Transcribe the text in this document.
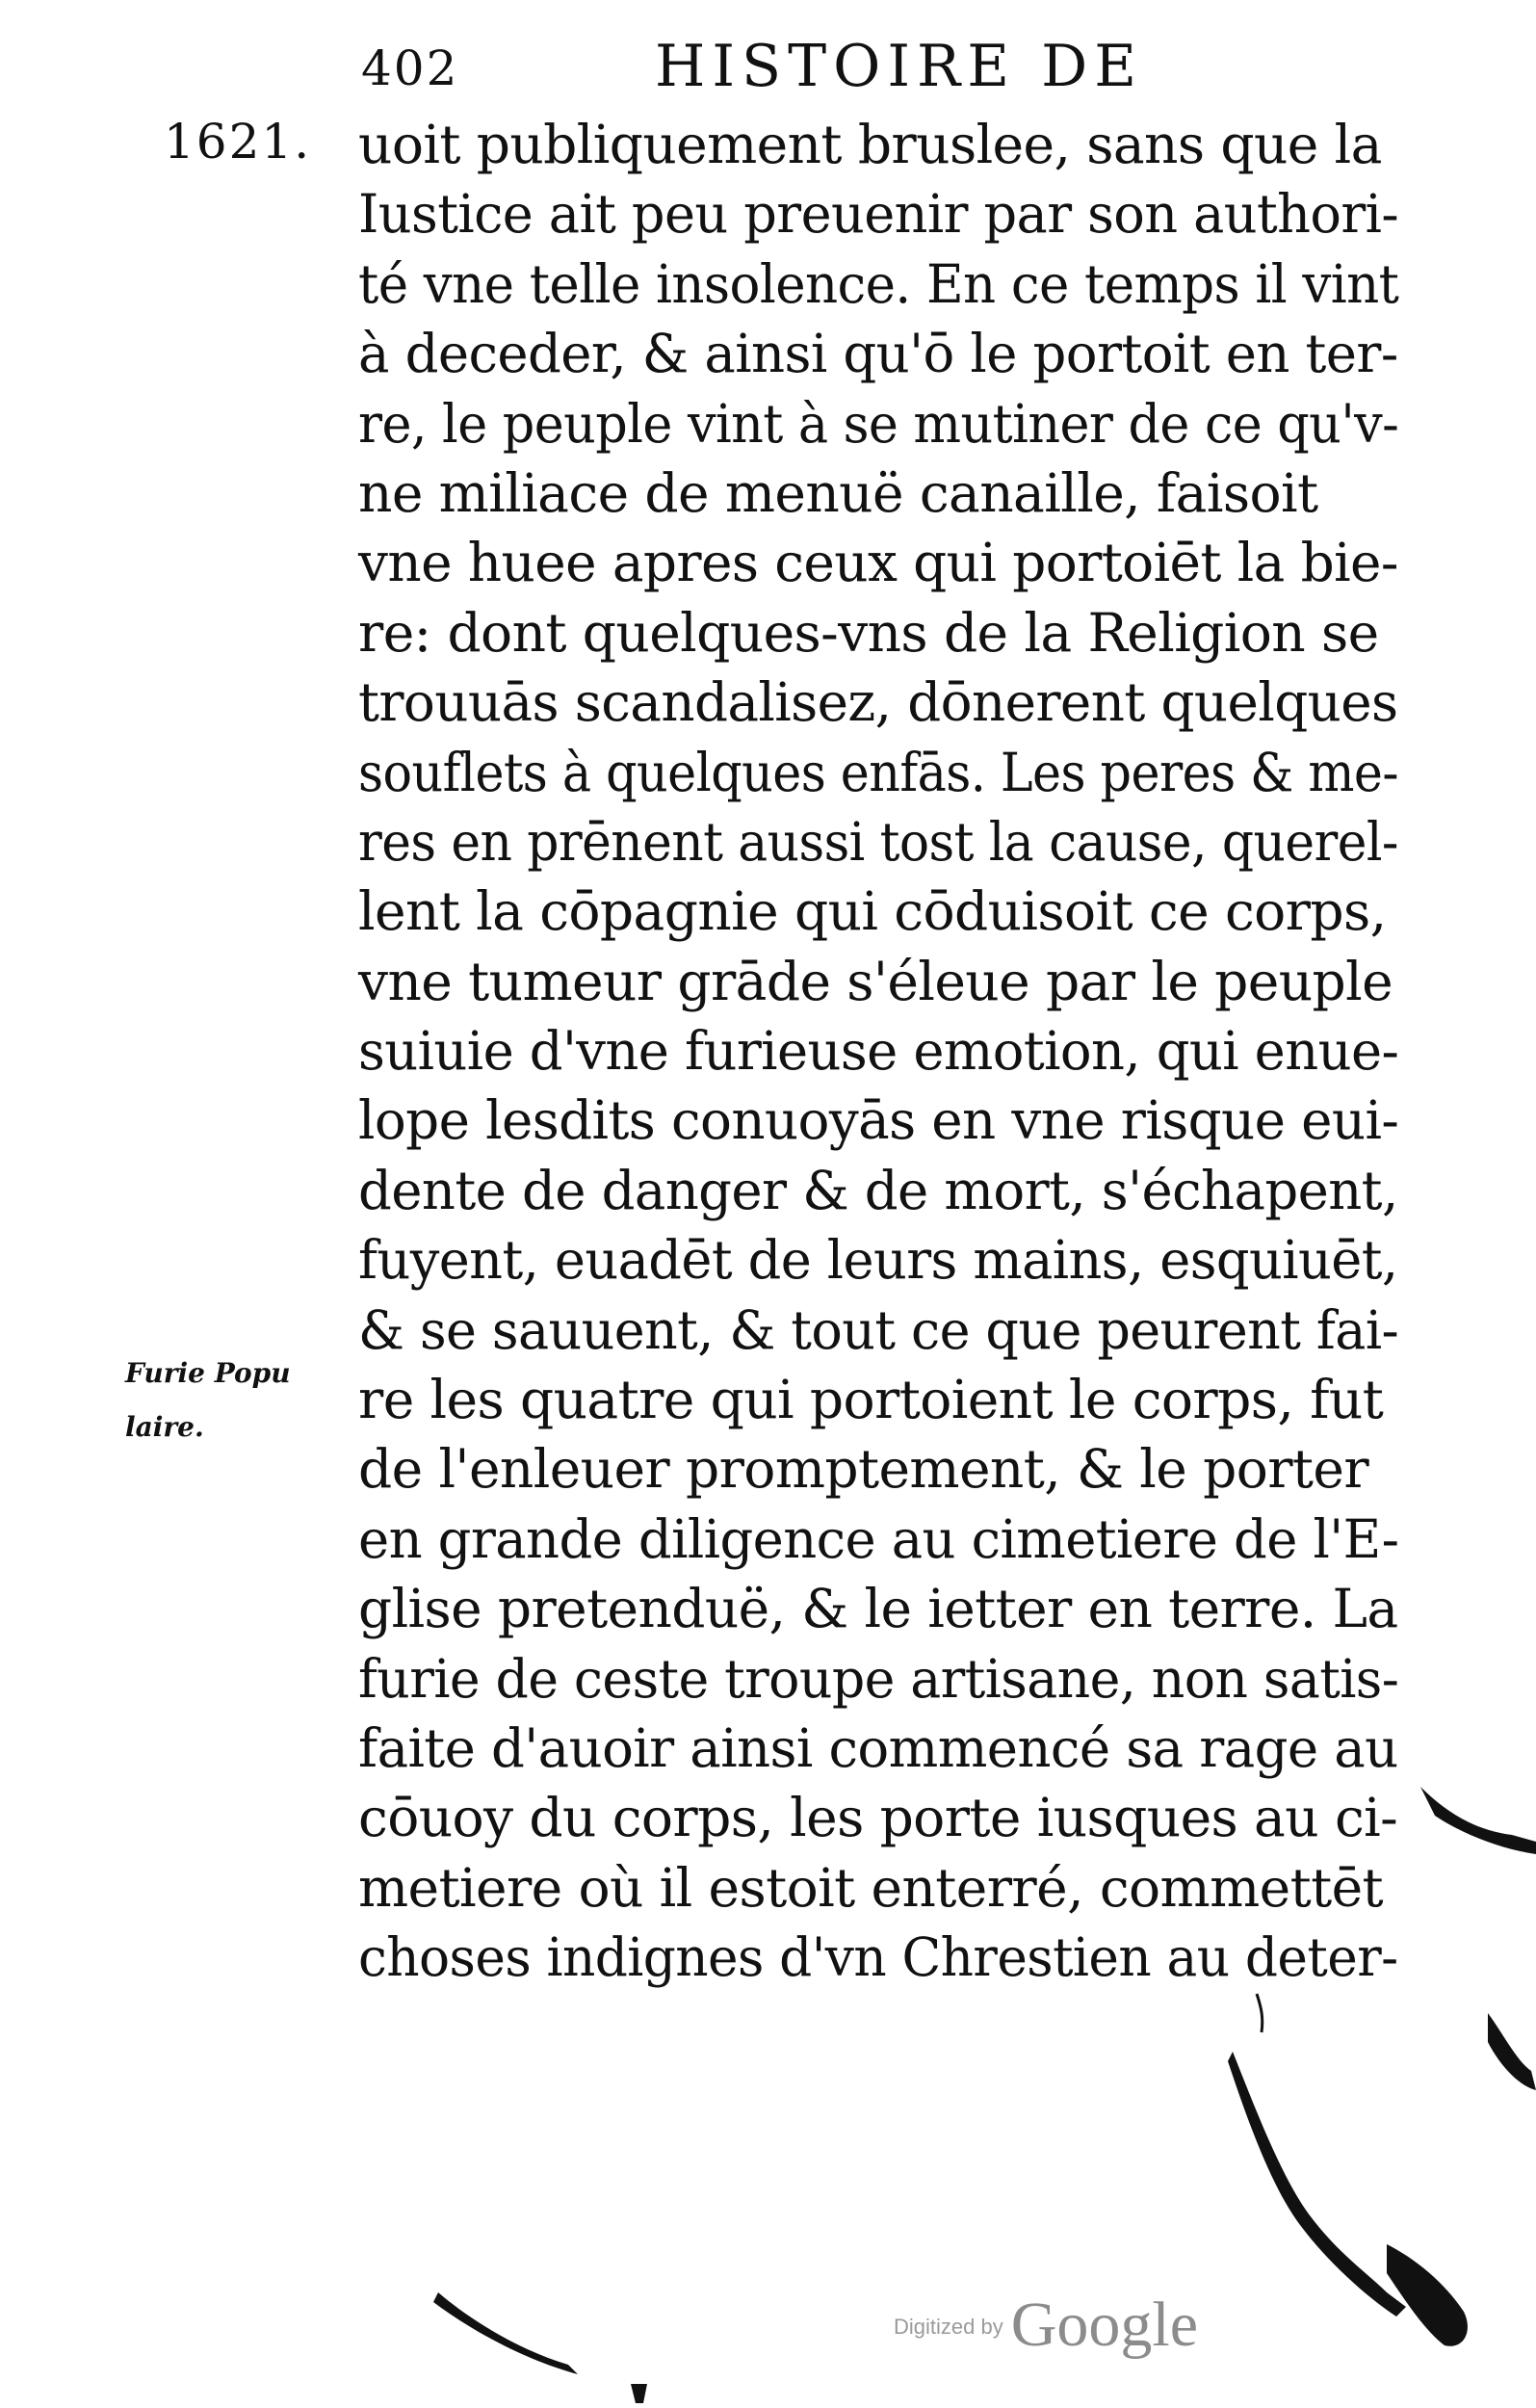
402	HISTOIRE DE
1621. uoit publiquement bruslee, sans que la
Iustice ait peu preuenir par son authori-
té vne telle insolence. En ce temps il vint
à deceder, & ainsi qu'ō le portoit en ter-
re, le peuple vint à se mutiner de ce qu'v-
ne miliace de menuë canaille, faisoit
vne huee apres ceux qui portoiēt la bie-
re: dont quelques-vns de la Religion se
trouuās scandalisez, dōnerent quelques
souflets à quelques enfās. Les peres & me-
res en prēnent aussi tost la cause, querel-
lent la cōpagnie qui cōduisoit ce corps,
vne tumeur grāde s'éleue par le peuple
suiuie d'vne furieuse emotion, qui enue-
lope lesdits conuoyās en vne risque eui-
dente de danger & de mort, s'échapent,
fuyent, euadēt de leurs mains, esquiuēt,
& se sauuent, & tout ce que peurent fai-
re les quatre qui portoient le corps, fut
de l'enleuer promptement, & le porter
en grande diligence au cimetiere de l'E-
glise pretenduë, & le ietter en terre. La
furie de ceste troupe artisane, non satis-
faite d'auoir ainsi commencé sa rage au
cōuoy du corps, les porte iusques au ci-
metiere où il estoit enterré, commettēt
choses indignes d'vn Chrestien au deter-
Furie Popu
laire.
Digitized by Google
